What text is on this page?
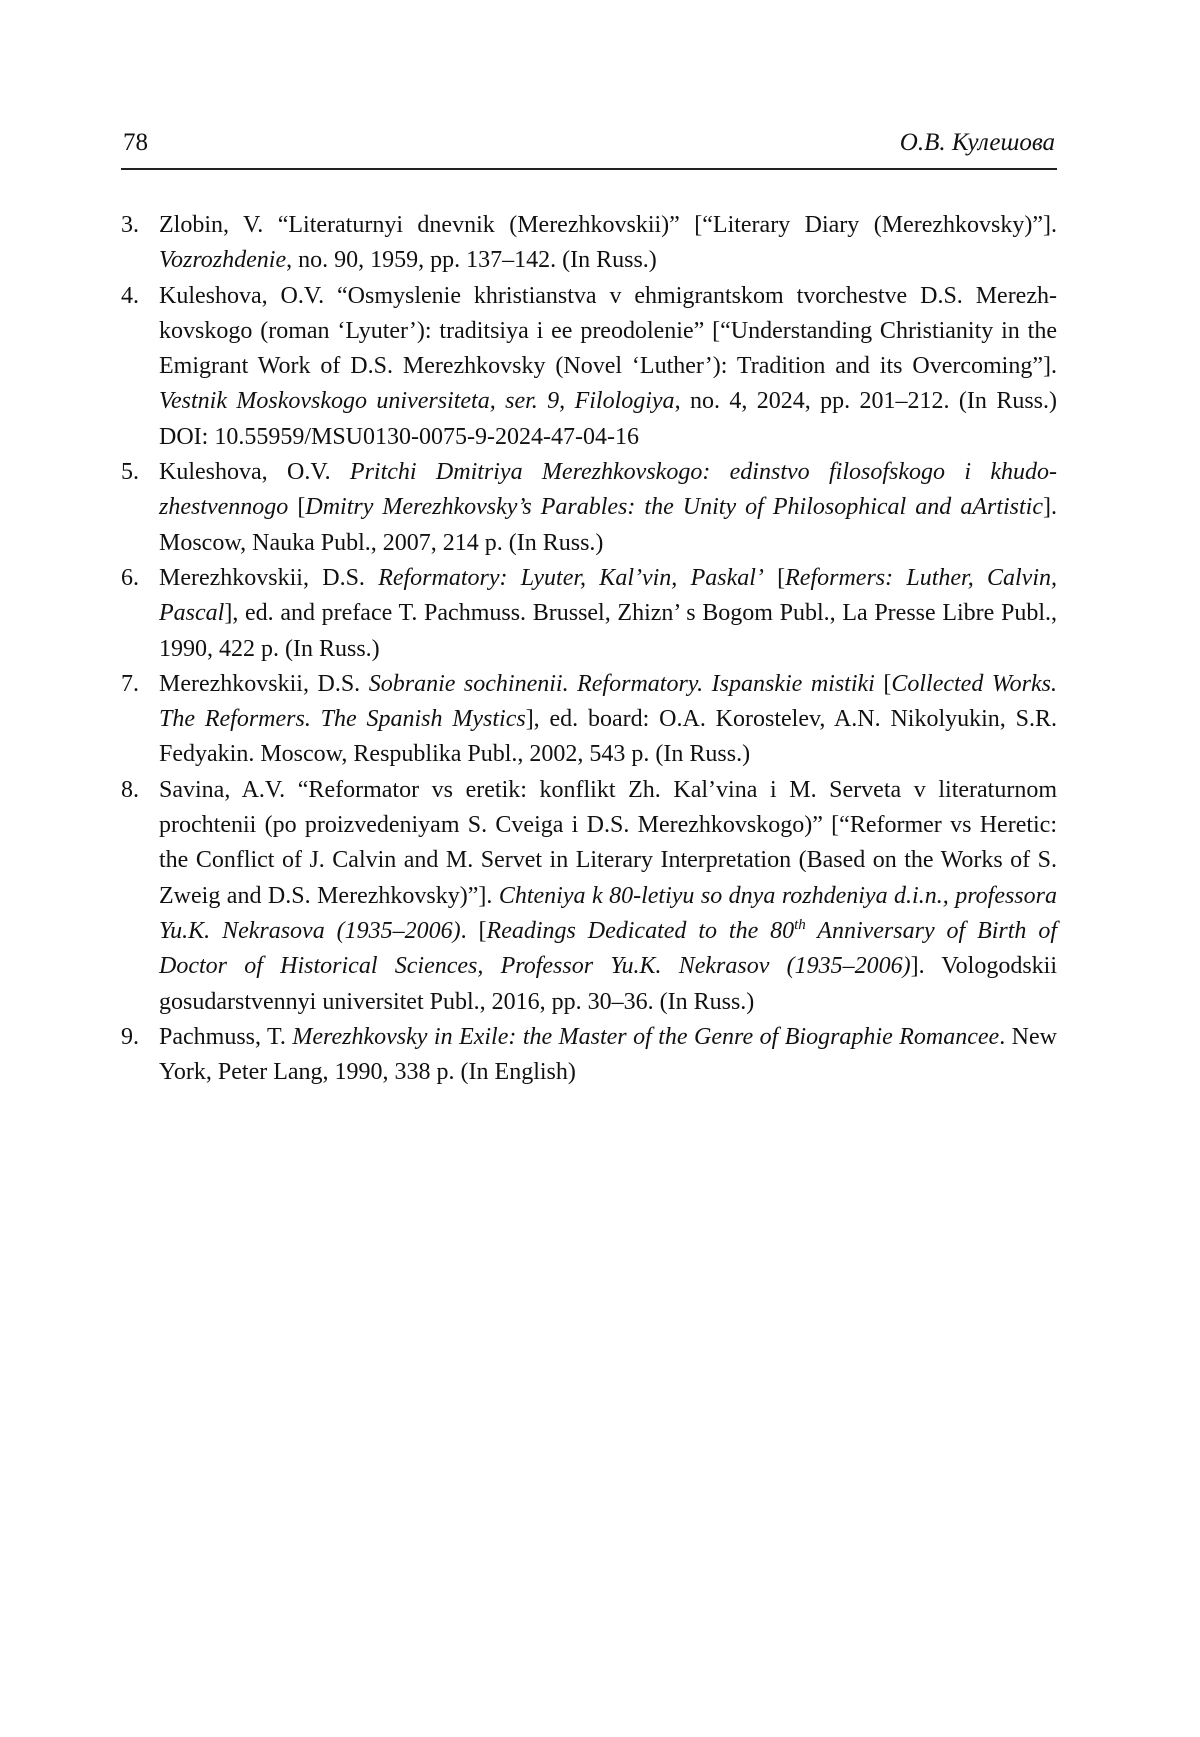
78	О.В. Кулешова
3. Zlobin, V. “Literaturnyi dnevnik (Merezhkovskii)” [“Literary Diary (Merezhkovsky)”]. Vozrozhdenie, no. 90, 1959, pp. 137–142. (In Russ.)
4. Kuleshova, O.V. “Osmyslenie khristianstva v ehmigrantskom tvorchestve D.S. Merezhkovskogo (roman ‘Lyuter’): traditsiya i ee preodolenie” [“Understanding Christianity in the Emigrant Work of D.S. Merezhkovsky (Novel ‘Luther’): Tradition and its Overcoming”]. Vestnik Moskovskogo universiteta, ser. 9, Filologiya, no. 4, 2024, pp. 201–212. (In Russ.) DOI: 10.55959/MSU0130-0075-9-2024-47-04-16
5. Kuleshova, O.V. Pritchi Dmitriya Merezhkovskogo: edinstvo filosofskogo i khudozhestvennogo [Dmitry Merezhkovsky’s Parables: the Unity of Philosophical and aArtistic]. Moscow, Nauka Publ., 2007, 214 p. (In Russ.)
6. Merezhkovskii, D.S. Reformatory: Lyuter, Kal’vin, Paskal’ [Reformers: Luther, Calvin, Pascal], ed. and preface T. Pachmuss. Brussel, Zhizn’ s Bogom Publ., La Presse Libre Publ., 1990, 422 p. (In Russ.)
7. Merezhkovskii, D.S. Sobranie sochinenii. Reformatory. Ispanskie mistiki [Collected Works. The Reformers. The Spanish Mystics], ed. board: O.A. Korostelev, A.N. Nikolyukin, S.R. Fedyakin. Moscow, Respublika Publ., 2002, 543 p. (In Russ.)
8. Savina, A.V. “Reformator vs eretik: konflikt Zh. Kal’vina i M. Serveta v literaturnom prochtenii (po proizvedeniyam S. Cveiga i D.S. Merezhkovskogo)” [“Reformer vs Heretic: the Conflict of J. Calvin and M. Servet in Literary Interpretation (Based on the Works of S. Zweig and D.S. Merezhkovsky)”]. Chteniya k 80-letiyu so dnya rozhdeniya d.i.n., professora Yu.K. Nekrasova (1935–2006). [Readings Dedicated to the 80th Anniversary of Birth of Doctor of Historical Sciences, Professor Yu.K. Nekrasov (1935–2006)]. Vologodskii gosudarstvennyi universitet Publ., 2016, pp. 30–36. (In Russ.)
9. Pachmuss, T. Merezhkovsky in Exile: the Master of the Genre of Biographie Romancee. New York, Peter Lang, 1990, 338 p. (In English)
